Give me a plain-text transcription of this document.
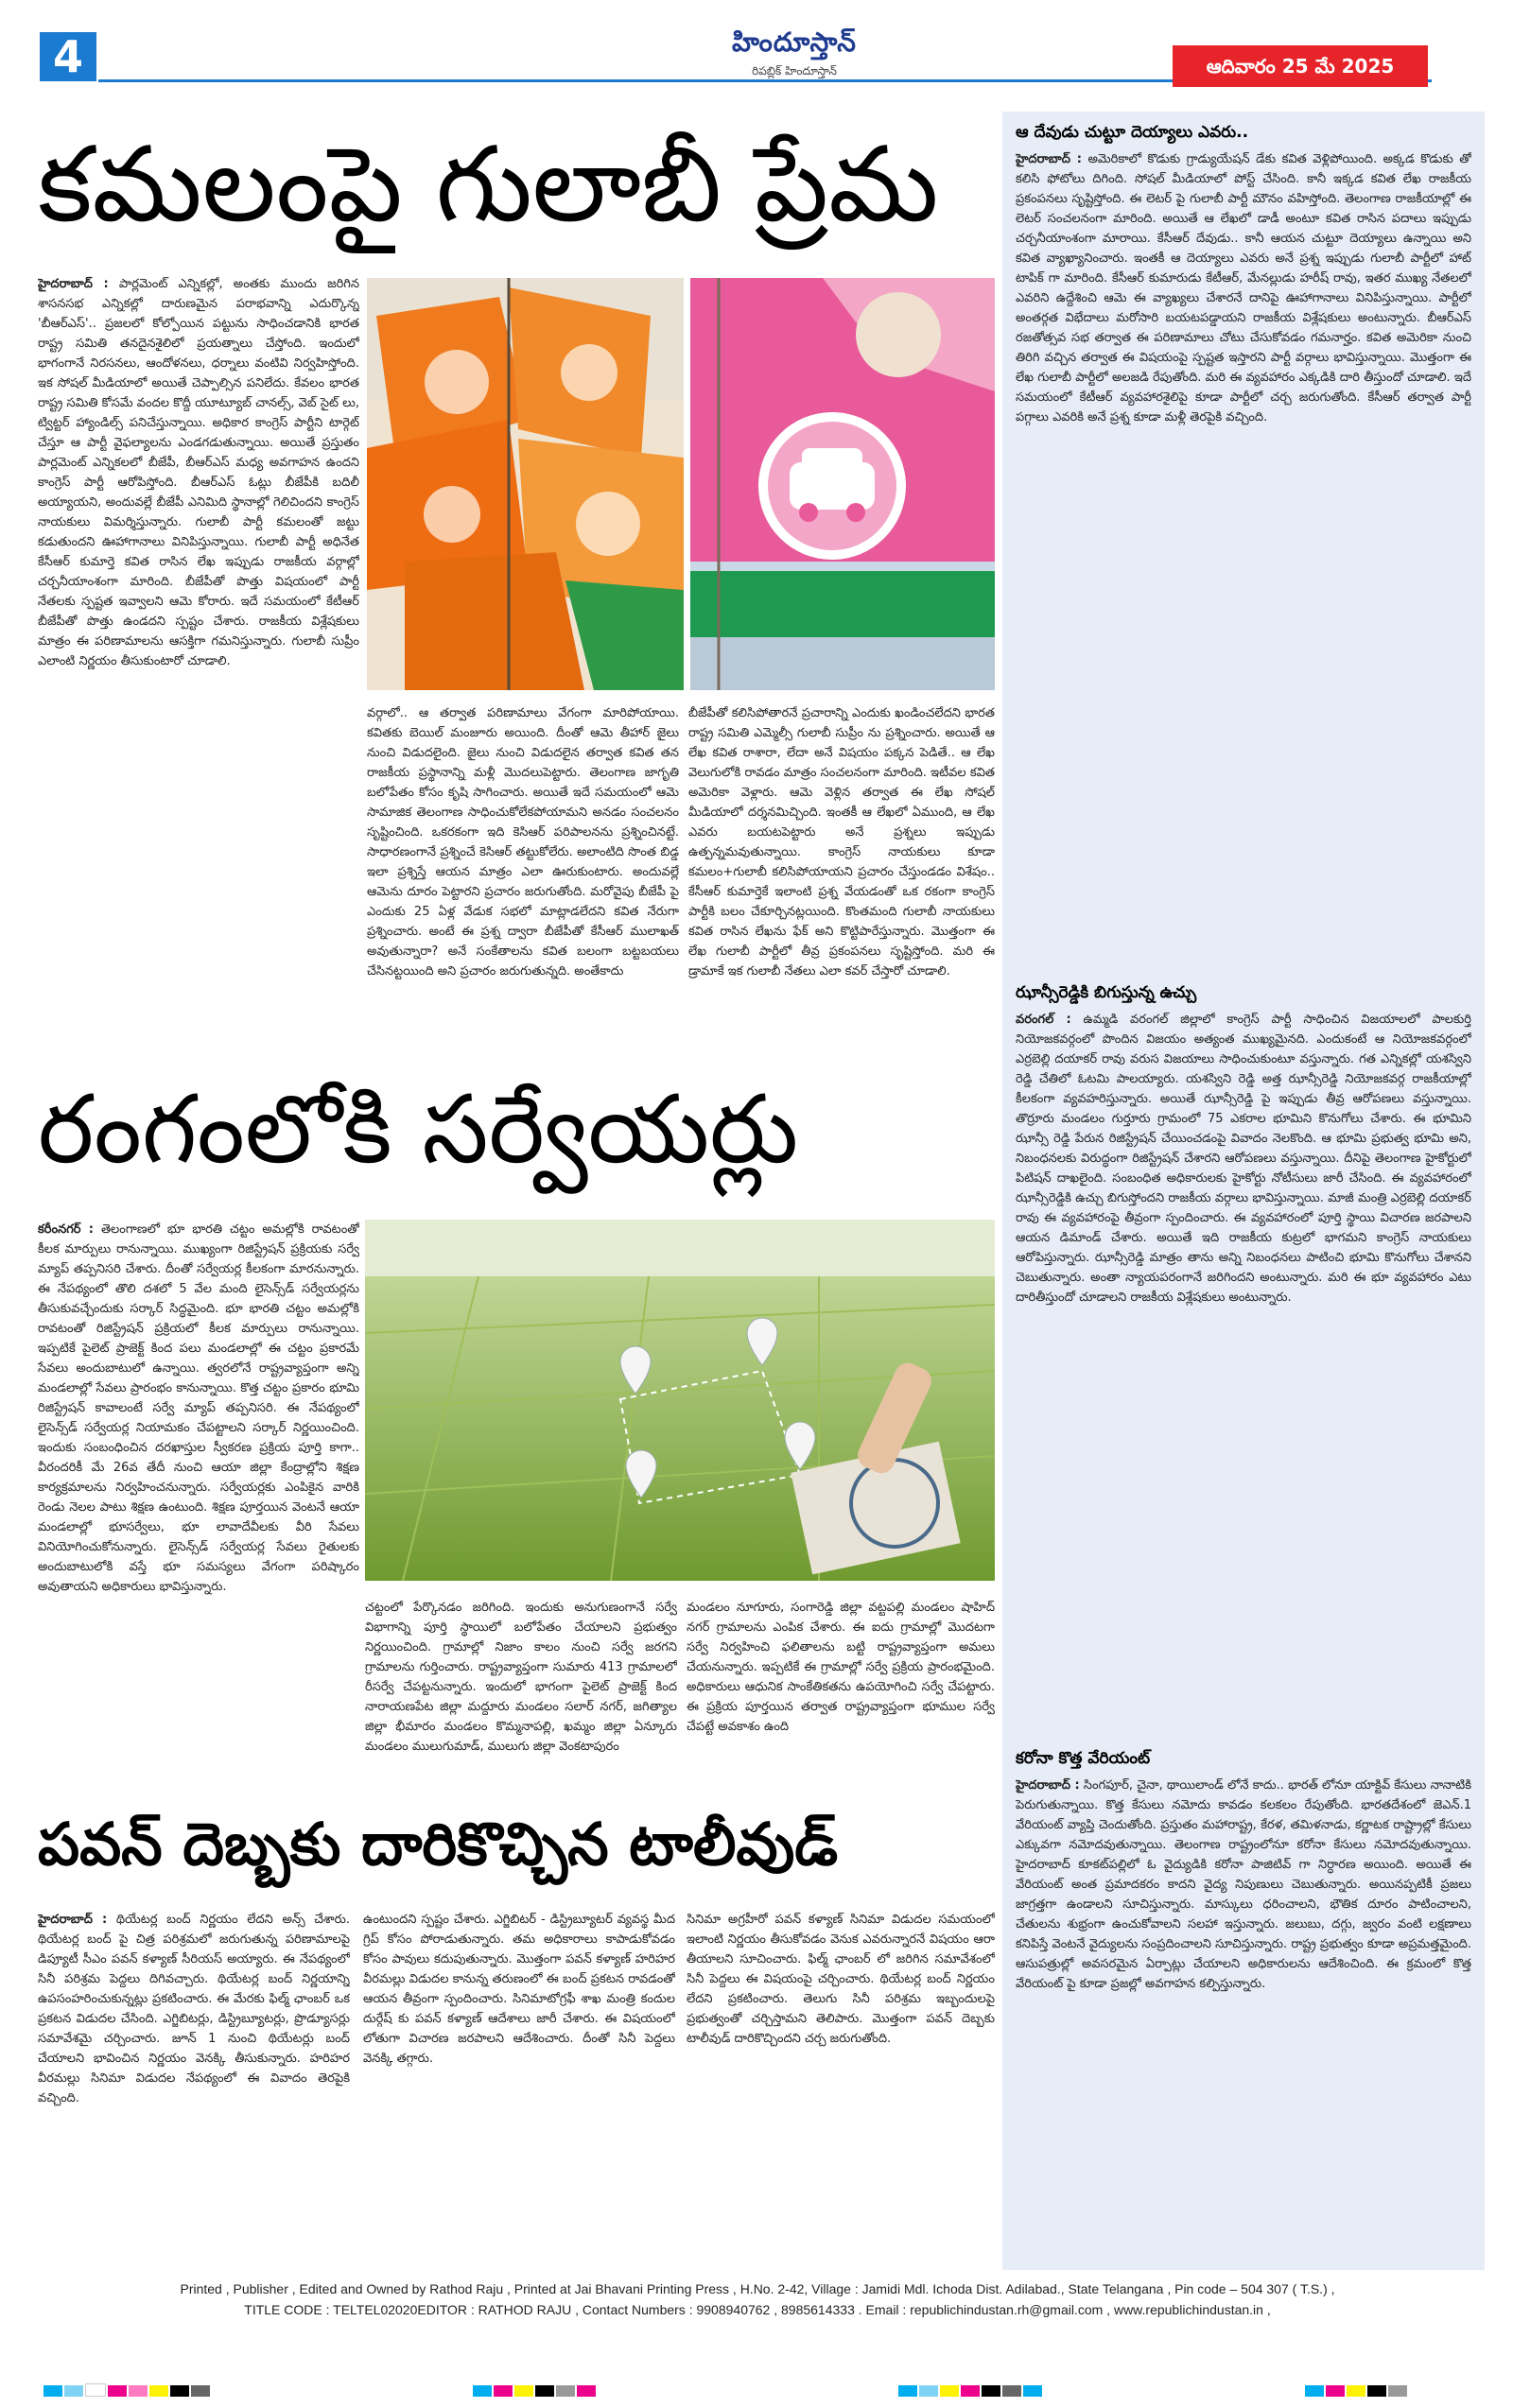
4	హిందూస్తాన్
రిపబ్లిక్ హిందూస్తాన్	ఆదివారం 25 మే 2025
కమలంపై గులాబీ ప్రేమ

హైదరాబాద్ : పార్లమెంట్ ఎన్నికల్లో, అంతకు ముందు జరిగిన శాసనసభ ఎన్నికల్లో దారుణమైన పరాభవాన్ని ఎదుర్కొన్న 'బీఆర్ఎస్'.. ప్రజలలో కోల్పోయిన పట్టును సాధించడానికి భారత రాష్ట్ర సమితి తనదైనశైలిలో ప్రయత్నాలు చేస్తోంది. ఇందులో భాగంగానే నిరసనలు, ఆందోళనలు, ధర్నాలు వంటివి నిర్వహిస్తోంది. ఇక సోషల్ మీడియాలో అయితే చెప్పాల్సిన పనిలేదు. కేవలం భారత రాష్ట్ర సమితి కోసమే వందల కొద్దీ యూట్యూబ్ చానల్స్, వెబ్ సైట్ లు, ట్విట్టర్ హ్యాండిల్స్ పనిచేస్తున్నాయి. అధికార కాంగ్రెస్ పార్టీని టార్గెట్ చేస్తూ ఆ పార్టీ వైఫల్యాలను ఎండగడుతున్నాయి. అయితే ప్రస్తుతం పార్లమెంట్ ఎన్నికలలో బీజేపీ, బీఆర్ఎస్ మధ్య అవగాహన ఉందని కాంగ్రెస్ పార్టీ ఆరోపిస్తోంది. బీఆర్ఎస్ ఓట్లు బీజేపీకి బదిలీ అయ్యాయని, అందువల్లే బీజేపీ ఎనిమిది స్థానాల్లో గెలిచిందని కాంగ్రెస్ నాయకులు విమర్శిస్తున్నారు. గులాబీ పార్టీ కమలంతో జట్టు కడుతుందని ఊహాగానాలు వినిపిస్తున్నాయి. గులాబీ పార్టీ అధినేత కేసీఆర్ కుమార్తె కవిత రాసిన లేఖ ఇప్పుడు రాజకీయ వర్గాల్లో చర్చనీయాంశంగా మారింది. బీజేపీతో పొత్తు విషయంలో పార్టీ నేతలకు స్పష్టత ఇవ్వాలని ఆమె కోరారు. ఇదే సమయంలో కేటీఆర్ బీజేపీతో పొత్తు ఉండదని స్పష్టం చేశారు. రాజకీయ విశ్లేషకులు మాత్రం ఈ పరిణామాలను ఆసక్తిగా గమనిస్తున్నారు. గులాబీ సుప్రీం ఎలాంటి నిర్ణయం తీసుకుంటారో చూడాలి.

వర్గాలో.. ఆ తర్వాత పరిణామాలు వేగంగా మారిపోయాయి. కవితకు బెయిల్ మంజూరు అయింది. దీంతో ఆమె తీహార్ జైలు నుంచి విడుదలైంది. జైలు నుంచి విడుదలైన తర్వాత కవిత తన రాజకీయ ప్రస్థానాన్ని మళ్లీ మొదలుపెట్టారు. తెలంగాణ జాగృతి బలోపేతం కోసం కృషి సాగించారు. అయితే ఇదే సమయంలో ఆమె సామాజిక తెలంగాణ సాధించుకోలేకపోయామని అనడం సంచలనం సృష్టించింది. ఒకరకంగా ఇది కెసిఆర్ పరిపాలనను ప్రశ్నించినట్టే. సాధారణంగానే ప్రశ్నించే కెసిఆర్ తట్టుకోలేరు. అలాంటిది సొంత బిడ్డ ఇలా ప్రశ్నిస్తే ఆయన మాత్రం ఎలా ఊరుకుంటారు. అందువల్లే ఆమెను దూరం పెట్టారని ప్రచారం జరుగుతోంది. మరోవైపు బీజేపీ పై ఎందుకు 25 ఏళ్ల వేడుక సభలో మాట్లాడలేదని కవిత నేరుగా ప్రశ్నించారు. అంటే ఈ ప్రశ్న ద్వారా బీజేపీతో కేసీఆర్ ములాఖత్ అవుతున్నారా? అనే సంకేతాలను కవిత బలంగా బట్టబయలు చేసినట్టయింది అని ప్రచారం జరుగుతున్నది. అంతేకాదు

బీజేపీతో కలిసిపోతారనే ప్రచారాన్ని ఎందుకు ఖండించలేదని భారత రాష్ట్ర సమితి ఎమ్మెల్సీ గులాబీ సుప్రీం ను ప్రశ్నించారు. అయితే ఆ లేఖ కవిత రాశారా, లేదా అనే విషయం పక్కన పెడితే.. ఆ లేఖ వెలుగులోకి రావడం మాత్రం సంచలనంగా మారింది. ఇటీవల కవిత అమెరికా వెళ్లారు. ఆమె వెళ్లిన తర్వాత ఈ లేఖ సోషల్ మీడియాలో దర్శనమిచ్చింది. ఇంతకీ ఆ లేఖలో ఏముంది, ఆ లేఖ ఎవరు బయటపెట్టారు అనే ప్రశ్నలు ఇప్పుడు ఉత్పన్నమవుతున్నాయి. కాంగ్రెస్ నాయకులు కూడా కమలం+గులాబీ కలిసిపోయాయని ప్రచారం చేస్తుండడం విశేషం.. కేసీఆర్ కుమార్తెకే ఇలాంటి ప్రశ్న వేయడంతో ఒక రకంగా కాంగ్రెస్ పార్టీకి బలం చేకూర్చినట్లయింది. కొంతమంది గులాబీ నాయకులు కవిత రాసిన లేఖను ఫేక్ అని కొట్టిపారేస్తున్నారు. మొత్తంగా ఈ లేఖ గులాబీ పార్టీలో తీవ్ర ప్రకంపనలు సృష్టిస్తోంది. మరి ఈ డ్రామాకే ఇక గులాబీ నేతలు ఎలా కవర్ చేస్తారో చూడాలి.

రంగంలోకి సర్వేయర్లు

కరీంనగర్ : తెలంగాణలో భూ భారతి చట్టం అమల్లోకి రావటంతో కీలక మార్పులు రానున్నాయి. ముఖ్యంగా రిజిస్ట్రేషన్ ప్రక్రియకు సర్వే మ్యాప్ తప్పనిసరి చేశారు. దీంతో సర్వేయర్ల కీలకంగా మారనున్నారు. ఈ నేపథ్యంలో తొలి దశలో 5 వేల మంది లైసెన్స్‌డ్ సర్వేయర్లను తీసుకువచ్చేందుకు సర్కార్ సిద్ధమైంది. భూ భారతి చట్టం అమల్లోకి రావటంతో రిజిస్ట్రేషన్ ప్రక్రియలో కీలక మార్పులు రానున్నాయి. ఇప్పటికే పైలెట్ ప్రాజెక్ట్ కింద పలు మండలాల్లో ఈ చట్టం ప్రకారమే సేవలు అందుబాటులో ఉన్నాయి. త్వరలోనే రాష్ట్రవ్యాప్తంగా అన్ని మండలాల్లో సేవలు ప్రారంభం కానున్నాయి. కొత్త చట్టం ప్రకారం భూమి రిజిస్ట్రేషన్ కావాలంటే సర్వే మ్యాప్ తప్పనిసరి. ఈ నేపథ్యంలో లైసెన్స్‌డ్ సర్వేయర్ల నియామకం చేపట్టాలని సర్కార్ నిర్ణయించింది. ఇందుకు సంబంధించిన దరఖాస్తుల స్వీకరణ ప్రక్రియ పూర్తి కాగా.. వీరందరికీ మే 26వ తేదీ నుంచి ఆయా జిల్లా కేంద్రాల్లోని శిక్షణ కార్యక్రమాలను నిర్వహించనున్నారు. సర్వేయర్లకు ఎంపికైన వారికి రెండు నెలల పాటు శిక్షణ ఉంటుంది. శిక్షణ పూర్తయిన వెంటనే ఆయా మండలాల్లో భూసర్వేలు, భూ లావాదేవీలకు వీరి సేవలు వినియోగించుకోనున్నారు. లైసెన్స్‌డ్ సర్వేయర్ల సేవలు రైతులకు అందుబాటులోకి వస్తే భూ సమస్యలు వేగంగా పరిష్కారం అవుతాయని అధికారులు భావిస్తున్నారు.

చట్టంలో పేర్కొనడం జరిగింది. ఇందుకు అనుగుణంగానే సర్వే విభాగాన్ని పూర్తి స్థాయిలో బలోపేతం చేయాలని ప్రభుత్వం నిర్ణయించింది. గ్రామాల్లో నిజాం కాలం నుంచి సర్వే జరగని గ్రామాలను గుర్తించారు. రాష్ట్రవ్యాప్తంగా సుమారు 413 గ్రామాలలో రీసర్వే చేపట్టనున్నారు. ఇందులో భాగంగా పైలెట్ ప్రాజెక్ట్ కింద నారాయణపేట జిల్లా మద్దూరు మండలం సలార్ నగర్, జగిత్యాల జిల్లా భీమారం మండలం కొమ్మనాపల్లి, ఖమ్మం జిల్లా ఏన్కూరు మండలం ములుగుమాడ్, ములుగు జిల్లా వెంకటాపురం

మండలం నూగూరు, సంగారెడ్డి జిల్లా వట్టపల్లి మండలం షాహిద్ నగర్ గ్రామాలను ఎంపిక చేశారు. ఈ ఐదు గ్రామాల్లో మొదటగా సర్వే నిర్వహించి ఫలితాలను బట్టి రాష్ట్రవ్యాప్తంగా అమలు చేయనున్నారు. ఇప్పటికే ఈ గ్రామాల్లో సర్వే ప్రక్రియ ప్రారంభమైంది. అధికారులు ఆధునిక సాంకేతికతను ఉపయోగించి సర్వే చేపట్టారు. ఈ ప్రక్రియ పూర్తయిన తర్వాత రాష్ట్రవ్యాప్తంగా భూముల సర్వే చేపట్టే అవకాశం ఉంది

పవన్ దెబ్బకు దారికొచ్చిన టాలీవుడ్

హైదరాబాద్ : థియేటర్ల బంద్ నిర్ణయం లేదని అన్స్ చేశారు. థియేటర్ల బంద్ పై చిత్ర పరిశ్రమలో జరుగుతున్న పరిణామాలపై డిప్యూటీ సీఎం పవన్ కళ్యాణ్ సీరియస్ అయ్యారు. ఈ నేపథ్యంలో సినీ పరిశ్రమ పెద్దలు దిగివచ్చారు. థియేటర్ల బంద్ నిర్ణయాన్ని ఉపసంహరించుకున్నట్లు ప్రకటించారు. ఈ మేరకు ఫిల్మ్ ఛాంబర్ ఒక ప్రకటన విడుదల చేసింది. ఎగ్జిబిటర్లు, డిస్ట్రిబ్యూటర్లు, ప్రొడ్యూసర్లు సమావేశమై చర్చించారు. జూన్ 1 నుంచి థియేటర్లు బంద్ చేయాలని భావించిన నిర్ణయం వెనక్కి తీసుకున్నారు. హరిహర వీరమల్లు సినిమా విడుదల నేపథ్యంలో ఈ వివాదం తెరపైకి వచ్చింది.

ఉంటుందని స్పష్టం చేశారు. ఎగ్జిబిటర్ - డిస్ట్రిబ్యూటర్ వ్యవస్థ మీద గ్రిప్ కోసం పోరాడుతున్నారు. తమ అధికారాలు కాపాడుకోవడం కోసం పావులు కదుపుతున్నారు. మొత్తంగా పవన్ కళ్యాణ్ హరిహర వీరమల్లు విడుదల కానున్న తరుణంలో ఈ బంద్ ప్రకటన రావడంతో ఆయన తీవ్రంగా స్పందించారు. సినిమాటోగ్రఫీ శాఖ మంత్రి కందుల దుర్గేష్ కు పవన్ కళ్యాణ్ ఆదేశాలు జారీ చేశారు. ఈ విషయంలో లోతుగా విచారణ జరపాలని ఆదేశించారు. దీంతో సినీ పెద్దలు వెనక్కి తగ్గారు.

సినిమా అగ్రహీరో పవన్ కళ్యాణ్ సినిమా విడుదల సమయంలో ఇలాంటి నిర్ణయం తీసుకోవడం వెనుక ఎవరున్నారనే విషయం ఆరా తీయాలని సూచించారు. ఫిల్మ్ ఛాంబర్ లో జరిగిన సమావేశంలో సినీ పెద్దలు ఈ విషయంపై చర్చించారు. థియేటర్ల బంద్ నిర్ణయం లేదని ప్రకటించారు. తెలుగు సినీ పరిశ్రమ ఇబ్బందులపై ప్రభుత్వంతో చర్చిస్తామని తెలిపారు. మొత్తంగా పవన్ దెబ్బకు టాలీవుడ్ దారికొచ్చిందని చర్చ జరుగుతోంది.

ఆ దేవుడు చుట్టూ దెయ్యాలు ఎవరు..

హైదరాబాద్ : అమెరికాలో కొడుకు గ్రాడ్యుయేషన్ డేకు కవిత వెళ్లిపోయింది. అక్కడ కొడుకు తో కలిసి ఫోటోలు దిగింది. సోషల్ మీడియాలో పోస్ట్ చేసింది. కానీ ఇక్కడ కవిత లేఖ రాజకీయ ప్రకంపనలు సృష్టిస్తోంది. ఈ లెటర్ పై గులాబీ పార్టీ మౌనం వహిస్తోంది. తెలంగాణ రాజకీయాల్లో ఈ లెటర్ సంచలనంగా మారింది. అయితే ఆ లేఖలో డాడీ అంటూ కవిత రాసిన పదాలు ఇప్పుడు చర్చనీయాంశంగా మారాయి. కేసీఆర్ దేవుడు.. కానీ ఆయన చుట్టూ దెయ్యాలు ఉన్నాయి అని కవిత వ్యాఖ్యానించారు. ఇంతకీ ఆ దెయ్యాలు ఎవరు అనే ప్రశ్న ఇప్పుడు గులాబీ పార్టీలో హాట్ టాపిక్ గా మారింది. కేసీఆర్ కుమారుడు కేటీఆర్, మేనల్లుడు హరీష్ రావు, ఇతర ముఖ్య నేతలలో ఎవరిని ఉద్దేశించి ఆమె ఈ వ్యాఖ్యలు చేశారనే దానిపై ఊహాగానాలు వినిపిస్తున్నాయి. పార్టీలో అంతర్గత విభేదాలు మరోసారి బయటపడ్డాయని రాజకీయ విశ్లేషకులు అంటున్నారు. బీఆర్ఎస్ రజతోత్సవ సభ తర్వాత ఈ పరిణామాలు చోటు చేసుకోవడం గమనార్హం. కవిత అమెరికా నుంచి తిరిగి వచ్చిన తర్వాత ఈ విషయంపై స్పష్టత ఇస్తారని పార్టీ వర్గాలు భావిస్తున్నాయి. మొత్తంగా ఈ లేఖ గులాబీ పార్టీలో అలజడి రేపుతోంది. మరి ఈ వ్యవహారం ఎక్కడికి దారి తీస్తుందో చూడాలి. ఇదే సమయంలో కేటీఆర్ వ్యవహారశైలిపై కూడా పార్టీలో చర్చ జరుగుతోంది. కేసీఆర్ తర్వాత పార్టీ పగ్గాలు ఎవరికి అనే ప్రశ్న కూడా మళ్లీ తెరపైకి వచ్చింది.

ఝాన్సీరెడ్డికి బిగుస్తున్న ఉచ్చు

వరంగల్ : ఉమ్మడి వరంగల్ జిల్లాలో కాంగ్రెస్ పార్టీ సాధించిన విజయాలలో పాలకుర్తి నియోజకవర్గంలో పొందిన విజయం అత్యంత ముఖ్యమైనది. ఎందుకంటే ఆ నియోజకవర్గంలో ఎర్రబెల్లి దయాకర్ రావు వరుస విజయాలు సాధించుకుంటూ వస్తున్నారు. గత ఎన్నికల్లో యశస్విని రెడ్డి చేతిలో ఓటమి పాలయ్యారు. యశస్విని రెడ్డి అత్త ఝాన్సీరెడ్డి నియోజకవర్గ రాజకీయాల్లో కీలకంగా వ్యవహరిస్తున్నారు. అయితే ఝాన్సీరెడ్డి పై ఇప్పుడు తీవ్ర ఆరోపణలు వస్తున్నాయి. తొర్రూరు మండలం గుర్తూరు గ్రామంలో 75 ఎకరాల భూమిని కొనుగోలు చేశారు. ఈ భూమిని ఝాన్సీ రెడ్డి పేరున రిజిస్ట్రేషన్ చేయించడంపై వివాదం నెలకొంది. ఆ భూమి ప్రభుత్వ భూమి అని, నిబంధనలకు విరుద్ధంగా రిజిస్ట్రేషన్ చేశారని ఆరోపణలు వస్తున్నాయి. దీనిపై తెలంగాణ హైకోర్టులో పిటిషన్ దాఖలైంది. సంబంధిత అధికారులకు హైకోర్టు నోటీసులు జారీ చేసింది. ఈ వ్యవహారంలో ఝాన్సీరెడ్డికి ఉచ్చు బిగుస్తోందని రాజకీయ వర్గాలు భావిస్తున్నాయి. మాజీ మంత్రి ఎర్రబెల్లి దయాకర్ రావు ఈ వ్యవహారంపై తీవ్రంగా స్పందించారు. ఈ వ్యవహారంలో పూర్తి స్థాయి విచారణ జరపాలని ఆయన డిమాండ్ చేశారు. అయితే ఇది రాజకీయ కుట్రలో భాగమని కాంగ్రెస్ నాయకులు ఆరోపిస్తున్నారు. ఝాన్సీరెడ్డి మాత్రం తాను అన్ని నిబంధనలు పాటించి భూమి కొనుగోలు చేశానని చెబుతున్నారు. అంతా న్యాయపరంగానే జరిగిందని అంటున్నారు. మరి ఈ భూ వ్యవహారం ఎటు దారితీస్తుందో చూడాలని రాజకీయ విశ్లేషకులు అంటున్నారు.

కరోనా కొత్త వేరియంట్

హైదరాబాద్ : సింగపూర్, చైనా, థాయిలాండ్ లోనే కాదు.. భారత్ లోనూ యాక్టివ్ కేసులు నానాటికి పెరుగుతున్నాయి. కొత్త కేసులు నమోదు కావడం కలకలం రేపుతోంది. భారతదేశంలో జెఎన్.1 వేరియంట్ వ్యాప్తి చెందుతోంది. ప్రస్తుతం మహారాష్ట్ర, కేరళ, తమిళనాడు, కర్ణాటక రాష్ట్రాల్లో కేసులు ఎక్కువగా నమోదవుతున్నాయి. తెలంగాణ రాష్ట్రంలోనూ కరోనా కేసులు నమోదవుతున్నాయి. హైదరాబాద్ కూకట్‌పల్లిలో ఓ వైద్యుడికి కరోనా పాజిటివ్ గా నిర్ధారణ అయింది. అయితే ఈ వేరియంట్ అంత ప్రమాదకరం కాదని వైద్య నిపుణులు చెబుతున్నారు. అయినప్పటికీ ప్రజలు జాగ్రత్తగా ఉండాలని సూచిస్తున్నారు. మాస్కులు ధరించాలని, భౌతిక దూరం పాటించాలని, చేతులను శుభ్రంగా ఉంచుకోవాలని సలహా ఇస్తున్నారు. జలుబు, దగ్గు, జ్వరం వంటి లక్షణాలు కనిపిస్తే వెంటనే వైద్యులను సంప్రదించాలని సూచిస్తున్నారు. రాష్ట్ర ప్రభుత్వం కూడా అప్రమత్తమైంది. ఆసుపత్రుల్లో అవసరమైన ఏర్పాట్లు చేయాలని అధికారులను ఆదేశించింది. ఈ క్రమంలో కొత్త వేరియంట్ పై కూడా ప్రజల్లో అవగాహన కల్పిస్తున్నారు.

Printed , Publisher , Edited and Owned by Rathod Raju , Printed at Jai Bhavani Printing Press , H.No. 2-42, Village : Jamidi Mdl. Ichoda Dist. Adilabad., State Telangana , Pin code – 504 307 ( T.S.) ,
TITLE CODE : TELTEL02020EDITOR : RATHOD RAJU , Contact Numbers : 9908940762 , 8985614333 . Email : republichindustan.rh@gmail.com , www.republichindustan.in ,
